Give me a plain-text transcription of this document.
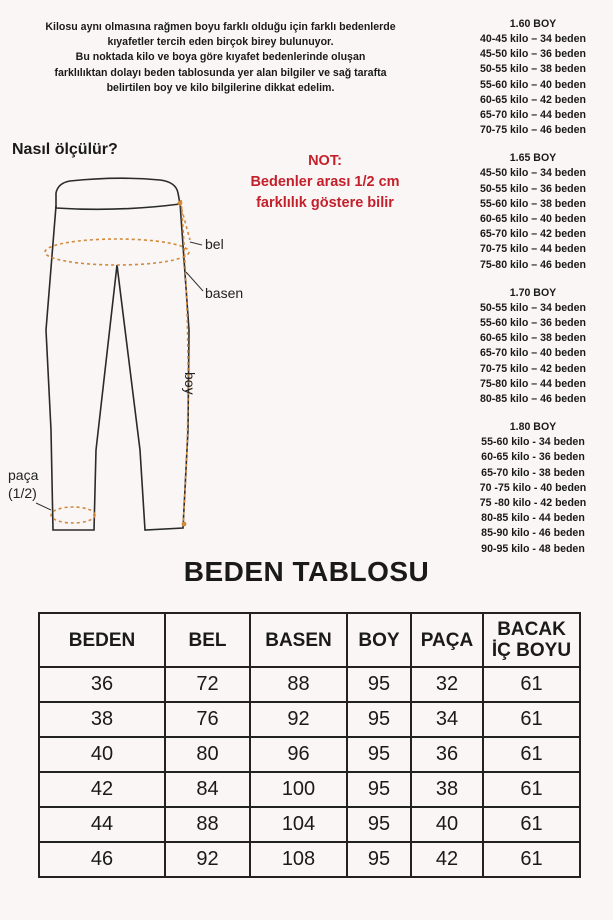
Kilosu aynı olmasına rağmen boyu farklı olduğu için farklı bedenlerde
kıyafetler tercih eden birçok birey bulunuyor.
Bu noktada kilo ve boya göre kıyafet bedenlerinde oluşan
farklılıktan dolayı beden tablosunda yer alan bilgiler ve sağ tarafta
belirtilen boy ve kilo bilgilerine dikkat edelim.
Nasıl ölçülür?
NOT:
Bedenler arası 1/2 cm
farklılık göstere bilir
bel
basen
boy
paça
(1/2)
1.60 BOY
40-45 kilo – 34 beden
45-50 kilo – 36 beden
50-55 kilo – 38 beden
55-60 kilo – 40 beden
60-65 kilo – 42 beden
65-70 kilo – 44 beden
70-75 kilo – 46 beden
1.65 BOY
45-50 kilo – 34 beden
50-55 kilo – 36 beden
55-60 kilo – 38 beden
60-65 kilo – 40 beden
65-70 kilo – 42 beden
70-75 kilo – 44 beden
75-80 kilo – 46 beden
1.70 BOY
50-55 kilo – 34 beden
55-60 kilo – 36 beden
60-65 kilo – 38 beden
65-70 kilo – 40 beden
70-75 kilo – 42 beden
75-80 kilo – 44 beden
80-85 kilo – 46 beden
1.80 BOY
55-60 kilo - 34 beden
60-65 kilo - 36 beden
65-70 kilo - 38 beden
70 -75 kilo - 40 beden
75 -80 kilo - 42 beden
80-85 kilo - 44 beden
85-90 kilo - 46 beden
90-95 kilo - 48 beden
BEDEN TABLOSU
BEDEN	BEL	BASEN	BOY	PAÇA	BACAK
İÇ BOYU
36	72	88	95	32	61
38	76	92	95	34	61
40	80	96	95	36	61
42	84	100	95	38	61
44	88	104	95	40	61
46	92	108	95	42	61
